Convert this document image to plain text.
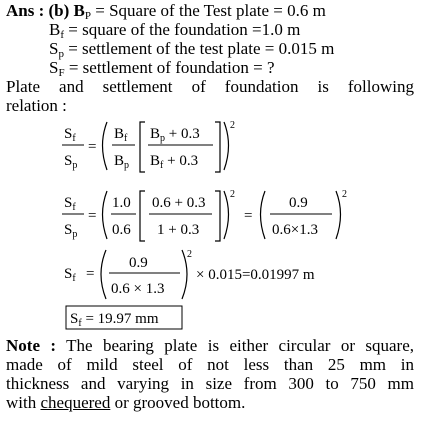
Ans : (b) $B_P$ = Square of the Test plate = 0.6 m
$B_f$ = square of the foundation =1.0 m
$S_p$ = settlement of the test plate = 0.015 m
$S_F$ = settlement of foundation = ?
Plate and settlement of foundation is following
relation :
$S_f$
$S_p$
=
$B_f$
$B_p$
$B_p + 0.3$
$B_f + 0.3$
2
$S_f$
$S_p$
=
1.0
0.6
0.6 + 0.3
1 + 0.3
2
=
0.9
0.6×1.3
2
$S_f$ =
0.9
0.6 × 1.3
2
× 0.015=0.01997 m
$S_f = 19.97$ mm
Note : The bearing plate is either circular or square,
made of mild steel of not less than 25 mm in
thickness and varying in size from 300 to 750 mm
with chequered or grooved bottom.
